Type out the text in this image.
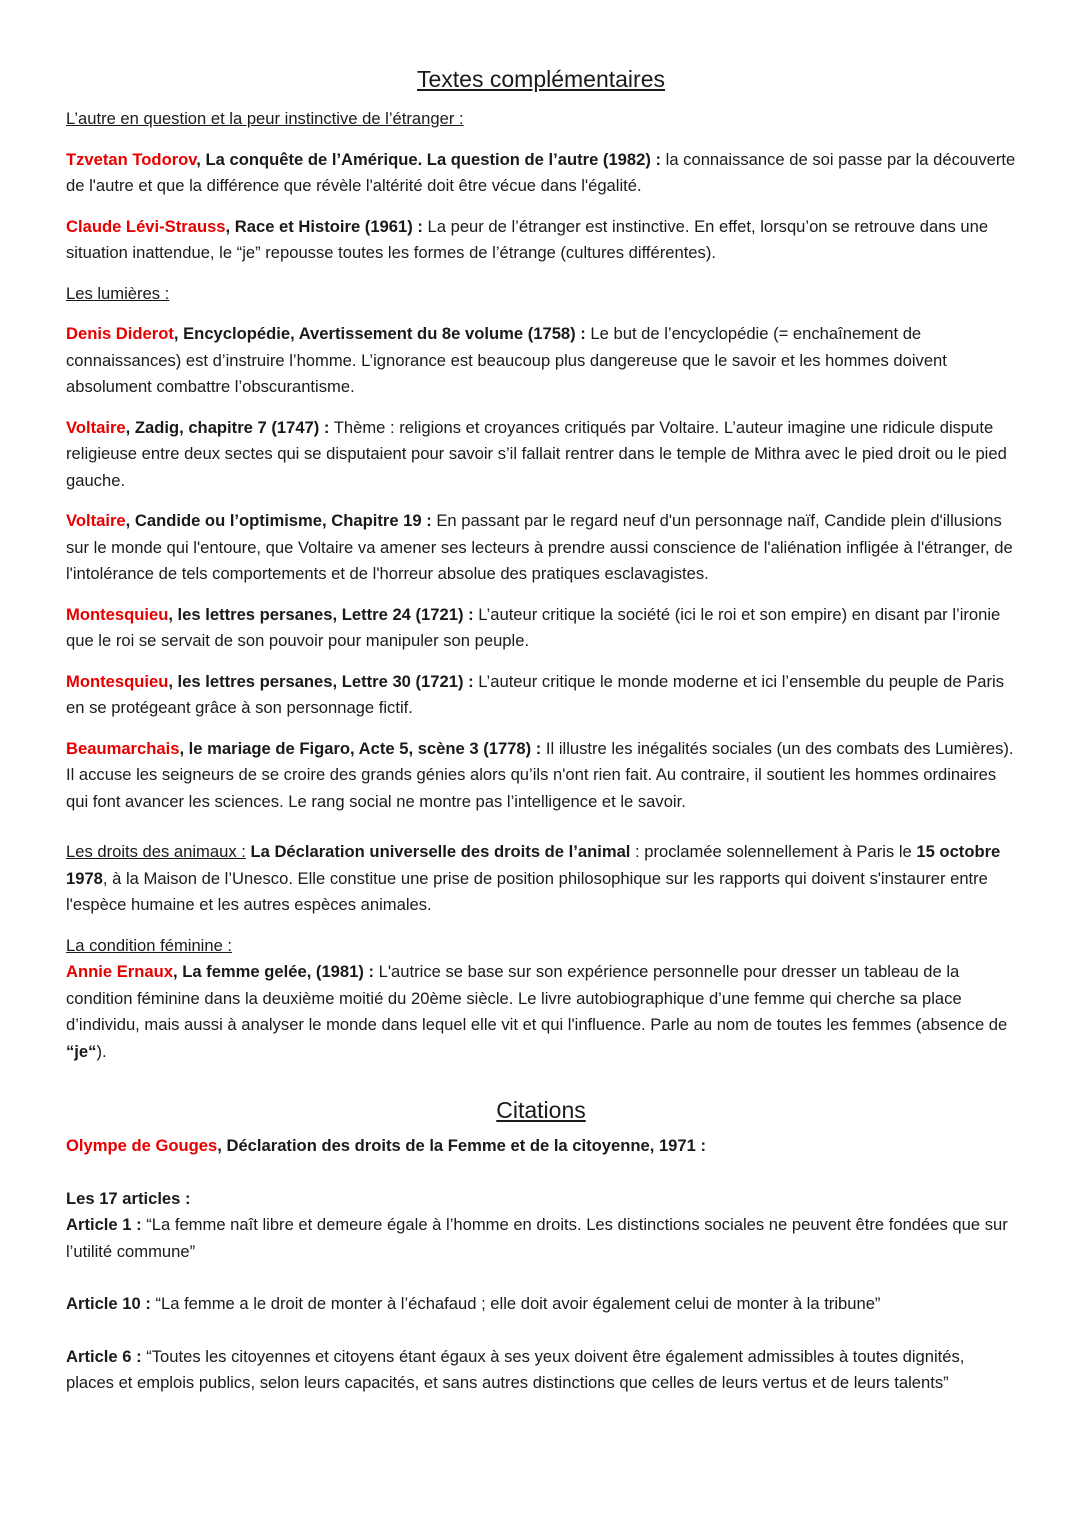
Textes complémentaires

L’autre en question et la peur instinctive de l’étranger :

Tzvetan Todorov, La conquête de l’Amérique. La question de l’autre (1982) : la connaissance de soi passe par la découverte de l'autre et que la différence que révèle l'altérité doit être vécue dans l'égalité.

Claude Lévi-Strauss, Race et Histoire (1961) : La peur de l’étranger est instinctive. En effet, lorsqu’on se retrouve dans une situation inattendue, le “je” repousse toutes les formes de l’étrange (cultures différentes).

Les lumières :

Denis Diderot, Encyclopédie, Avertissement du 8e volume (1758) : Le but de l’encyclopédie (= enchaînement de connaissances) est d’instruire l’homme. L’ignorance est beaucoup plus dangereuse que le savoir et les hommes doivent absolument combattre l’obscurantisme.

Voltaire, Zadig, chapitre 7 (1747) : Thème : religions et croyances critiqués par Voltaire. L’auteur imagine une ridicule dispute religieuse entre deux sectes qui se disputaient pour savoir s’il fallait rentrer dans le temple de Mithra avec le pied droit ou le pied gauche.

Voltaire, Candide ou l’optimisme, Chapitre 19 : En passant par le regard neuf d'un personnage naïf, Candide plein d'illusions sur le monde qui l'entoure, que Voltaire va amener ses lecteurs à prendre aussi conscience de l'aliénation infligée à l'étranger, de l'intolérance de tels comportements et de l'horreur absolue des pratiques esclavagistes.

Montesquieu, les lettres persanes, Lettre 24 (1721) : L’auteur critique la société (ici le roi et son empire) en disant par l’ironie que le roi se servait de son pouvoir pour manipuler son peuple.

Montesquieu, les lettres persanes, Lettre 30 (1721) : L’auteur critique le monde moderne et ici l’ensemble du peuple de Paris en se protégeant grâce à son personnage fictif.

Beaumarchais, le mariage de Figaro, Acte 5, scène 3 (1778) : Il illustre les inégalités sociales (un des combats des Lumières). Il accuse les seigneurs de se croire des grands génies alors qu’ils n'ont rien fait. Au contraire, il soutient les hommes ordinaires qui font avancer les sciences. Le rang social ne montre pas l’intelligence et le savoir.

Les droits des animaux : La Déclaration universelle des droits de l’animal : proclamée solennellement à Paris le 15 octobre 1978, à la Maison de l’Unesco. Elle constitue une prise de position philosophique sur les rapports qui doivent s'instaurer entre l'espèce humaine et les autres espèces animales.

La condition féminine :
Annie Ernaux, La femme gelée, (1981) : L'autrice se base sur son expérience personnelle pour dresser un tableau de la condition féminine dans la deuxième moitié du 20ème siècle. Le livre autobiographique d’une femme qui cherche sa place d’individu, mais aussi à analyser le monde dans lequel elle vit et qui l'influence. Parle au nom de toutes les femmes (absence de “je“).

Citations

Olympe de Gouges, Déclaration des droits de la Femme et de la citoyenne, 1971 :

Les 17 articles :
Article 1 : “La femme naît libre et demeure égale à l’homme en droits. Les distinctions sociales ne peuvent être fondées que sur l’utilité commune”

Article 10 : “La femme a le droit de monter à l’échafaud ; elle doit avoir également celui de monter à la tribune”

Article 6 : “Toutes les citoyennes et citoyens étant égaux à ses yeux doivent être également admissibles à toutes dignités, places et emplois publics, selon leurs capacités, et sans autres distinctions que celles de leurs vertus et de leurs talents”
